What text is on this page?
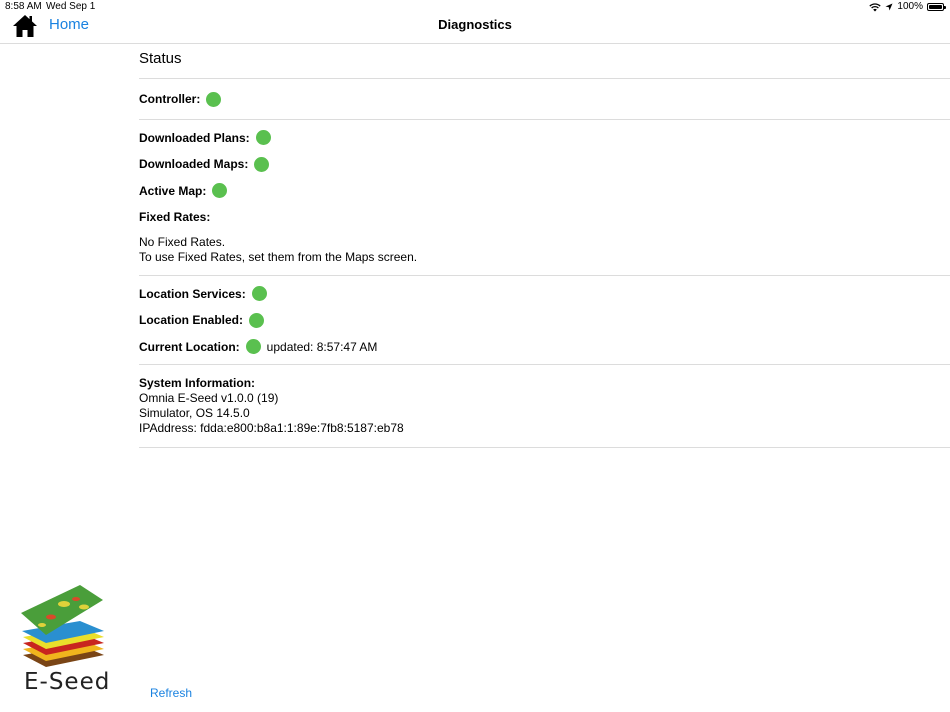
8:58 AM Wed Sep 1	100%
Home	Diagnostics
Status
Controller:
Downloaded Plans:
Downloaded Maps:
Active Map:
Fixed Rates:
No Fixed Rates.
To use Fixed Rates, set them from the Maps screen.
Location Services:
Location Enabled:
Current Location: updated: 8:57:47 AM
System Information:
Omnia E-Seed v1.0.0 (19)
Simulator, OS 14.5.0
IPAddress: fdda:e800:b8a1:1:89e:7fb8:5187:eb78
E-Seed	Refresh
